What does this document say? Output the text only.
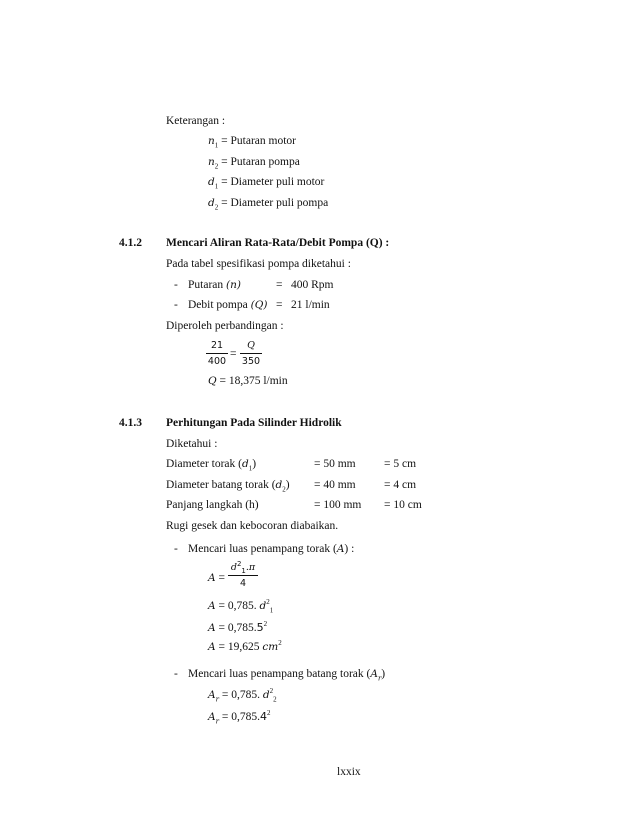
Keterangan :
$n_1$ = Putaran motor
$n_2$ = Putaran pompa
$d_1$ = Diameter puli motor
$d_2$ = Diameter puli pompa
4.1.2 Mencari Aliran Rata-Rata/Debit Pompa (Q) :
Pada tabel spesifikasi pompa diketahui :
- Putaran (n)	= 400 Rpm
- Debit pompa (Q) = 21 l/min
Diperoleh perbandingan :
$\frac{21}{400} = \frac{Q}{350}$
Q = 18,375 l/min
4.1.3 Perhitungan Pada Silinder Hidrolik
Diketahui :
Diameter torak $(d_1)$	= 50 mm = 5 cm
Diameter batang torak $(d_2) = 40$ mm = 4 cm
Panjang langkah (h)	= 100 mm = 10 cm
Rugi gesek dan kebocoran diabaikan.
- Mencari luas penampang torak (A) :
$A = \frac{d^2_1.\pi}{4}$
A = 0,785. $d^2_1$
$A = 0,785.5^2$
A = 19,625 $cm^2$
- Mencari luas penampang batang torak $(A_r)$
$A_r = 0,785$. $d^2_2$
$A_r = 0,785.4^2$
lxxix
